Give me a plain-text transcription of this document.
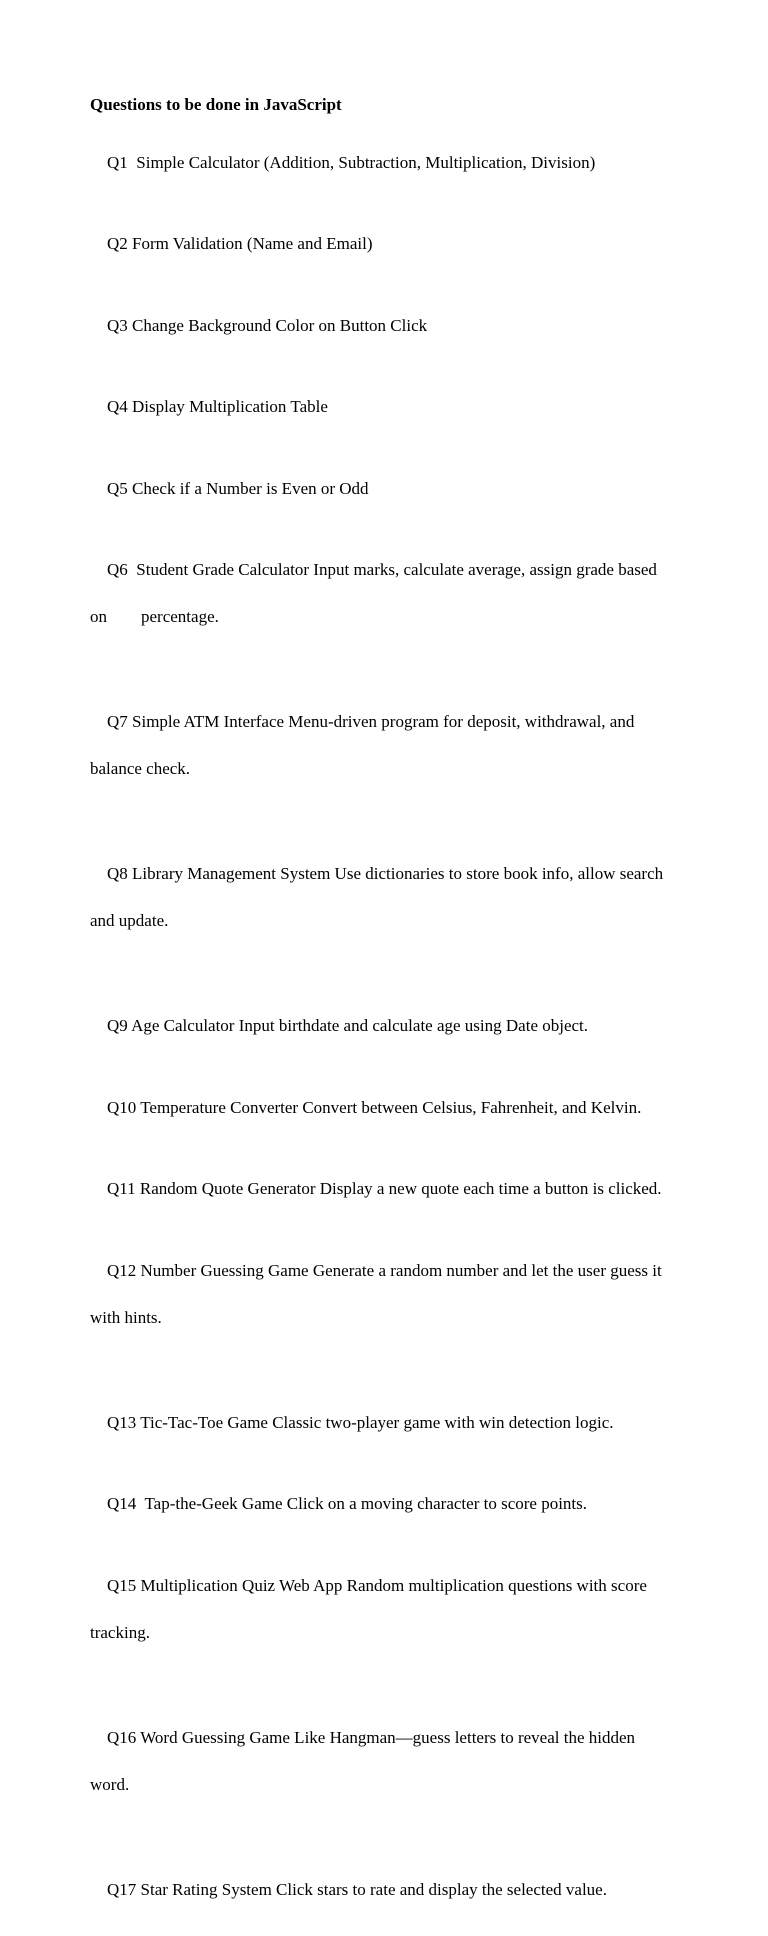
Questions to be done in JavaScript

Q1  Simple Calculator (Addition, Subtraction, Multiplication, Division)

Q2 Form Validation (Name and Email)

Q3 Change Background Color on Button Click

Q4 Display Multiplication Table

Q5 Check if a Number is Even or Odd

Q6  Student Grade Calculator Input marks, calculate average, assign grade based

on        percentage.

Q7 Simple ATM Interface Menu-driven program for deposit, withdrawal, and

balance check.

Q8 Library Management System Use dictionaries to store book info, allow search

and update.

Q9 Age Calculator Input birthdate and calculate age using Date object.

Q10 Temperature Converter Convert between Celsius, Fahrenheit, and Kelvin.

Q11 Random Quote Generator Display a new quote each time a button is clicked.

Q12 Number Guessing Game Generate a random number and let the user guess it

with hints.

Q13 Tic-Tac-Toe Game Classic two-player game with win detection logic.

Q14  Tap-the-Geek Game Click on a moving character to score points.

Q15 Multiplication Quiz Web App Random multiplication questions with score

tracking.

Q16 Word Guessing Game Like Hangman—guess letters to reveal the hidden

word.

Q17 Star Rating System Click stars to rate and display the selected value.
